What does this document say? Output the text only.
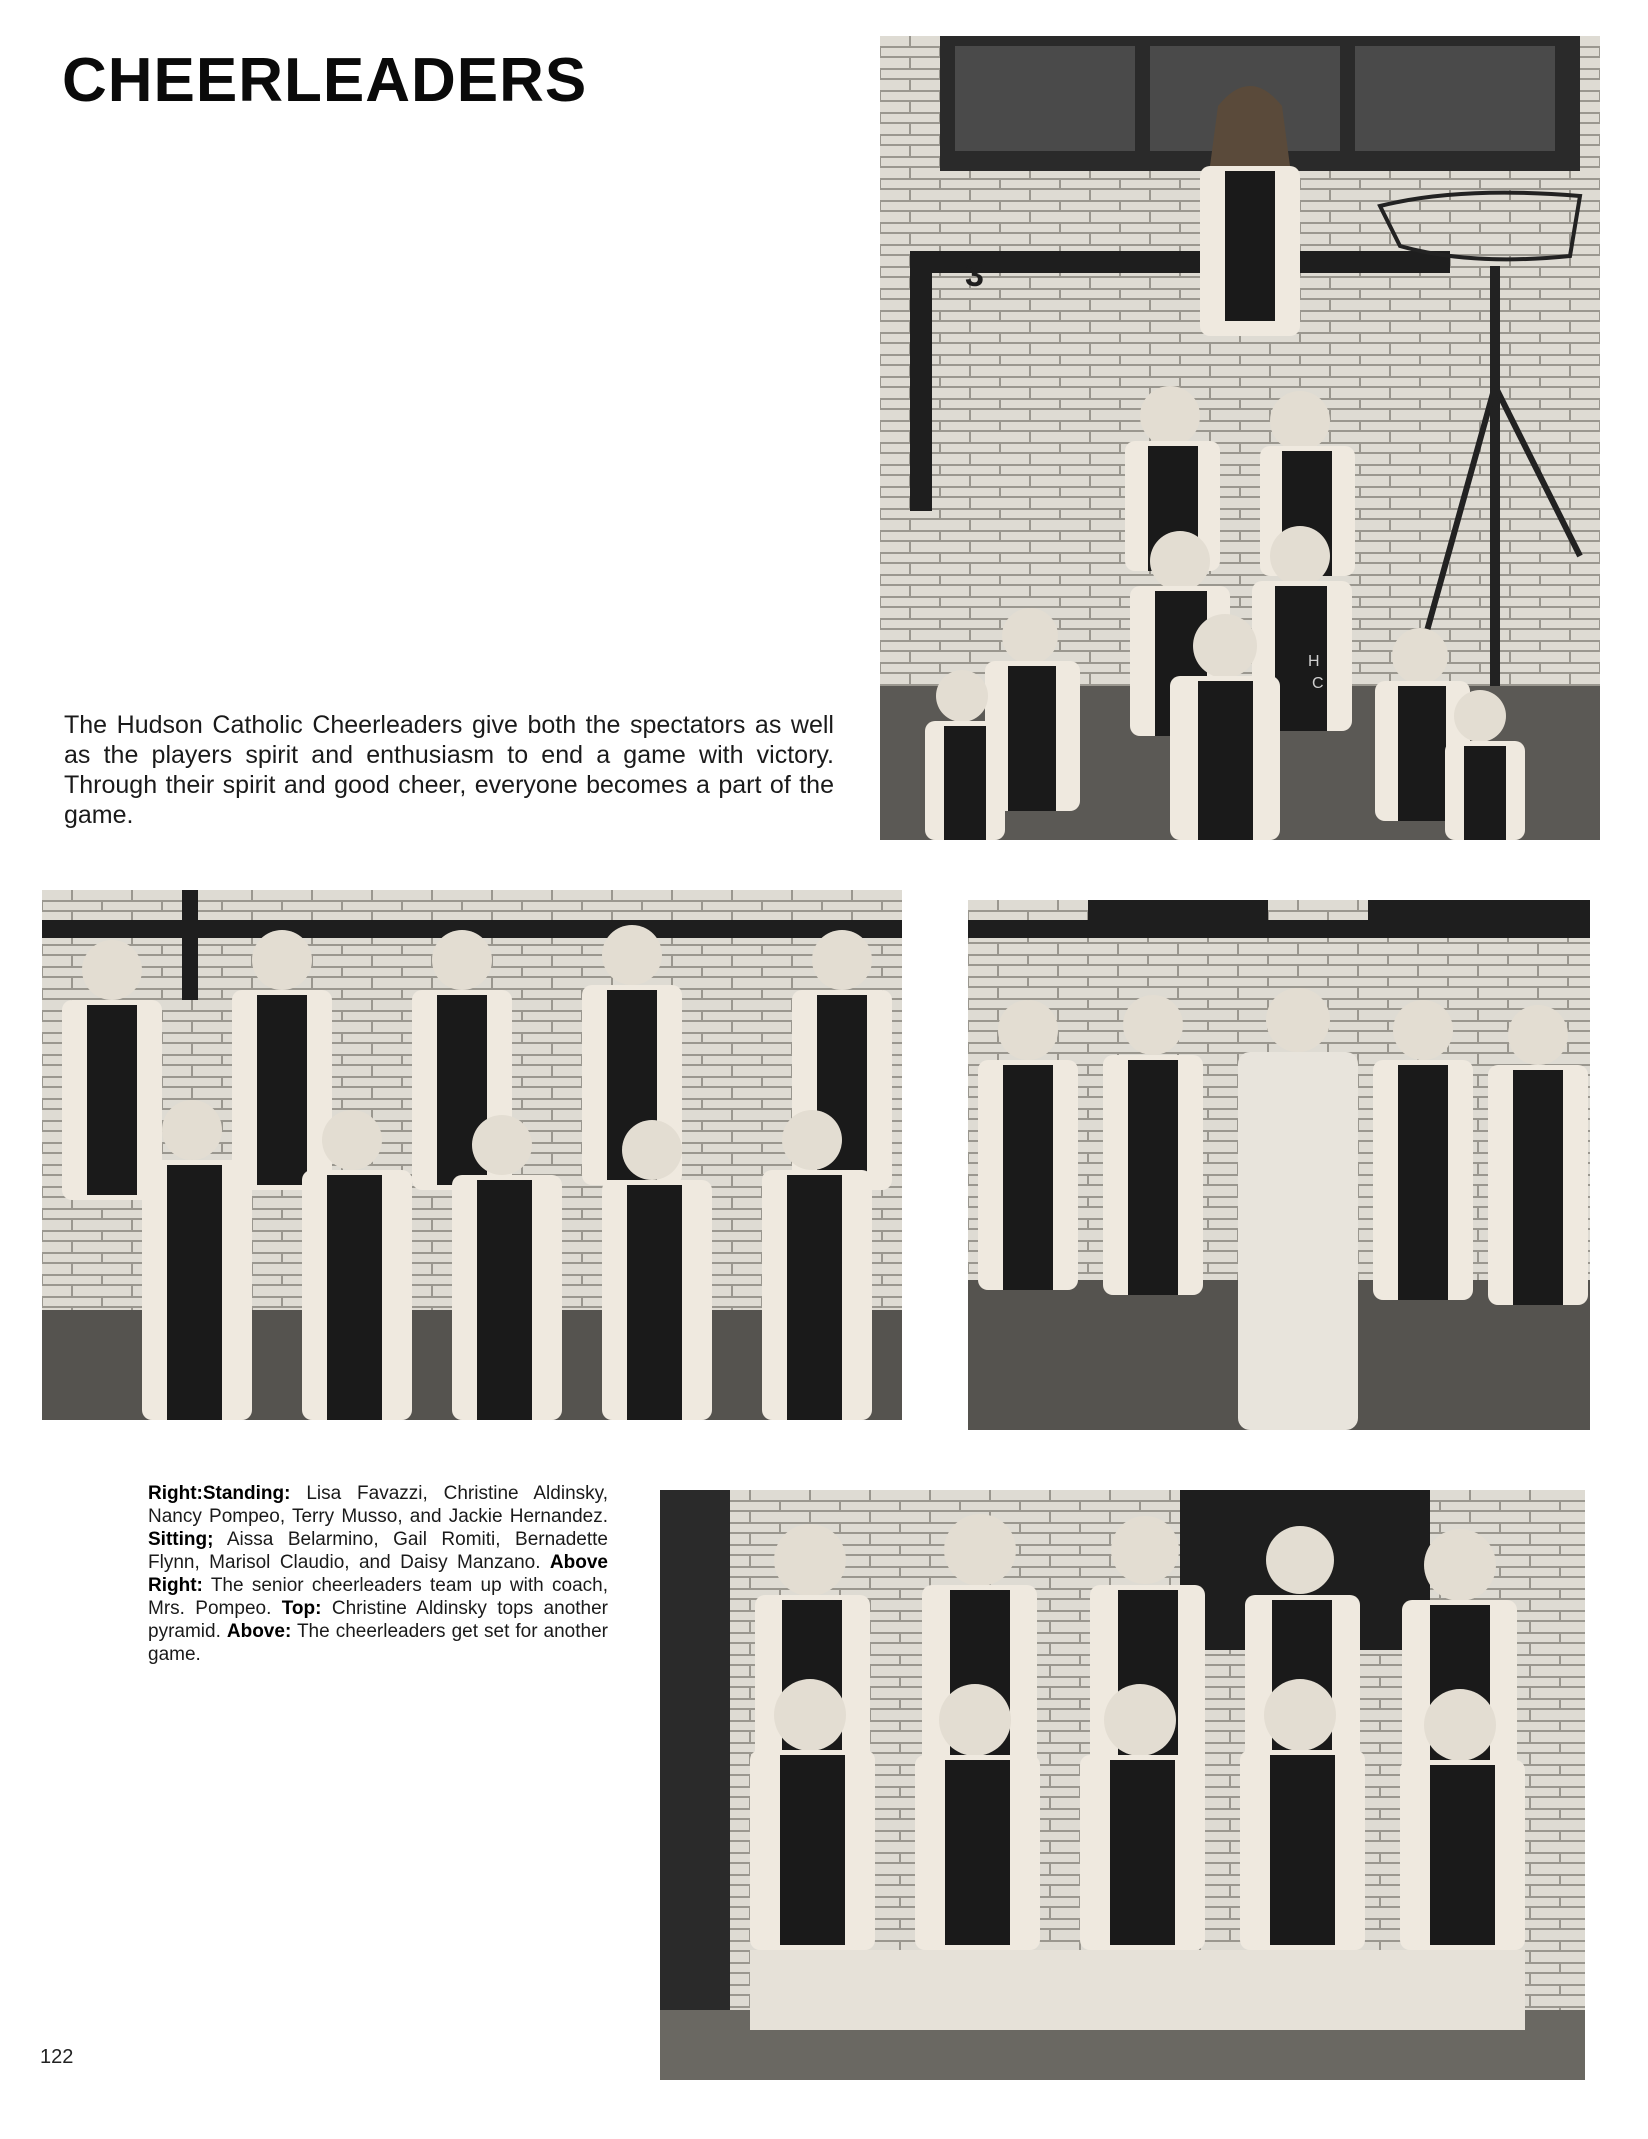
CHEERLEADERS
3
H
C

The Hudson Catholic Cheerleaders give both the spectators as well as the players spirit and enthusiasm to end a game with victory. Through their spirit and good cheer, everyone becomes a part of the game.

Right:Standing: Lisa Favazzi, Christine Aldinsky, Nancy Pompeo, Terry Musso, and Jackie Hernandez. Sitting; Aissa Belarmino, Gail Romiti, Bernadette Flynn, Marisol Claudio, and Daisy Manzano. Above Right: The senior cheerleaders team up with coach, Mrs. Pompeo. Top: Christine Aldinsky tops another pyramid. Above: The cheerleaders get set for another game.

122
